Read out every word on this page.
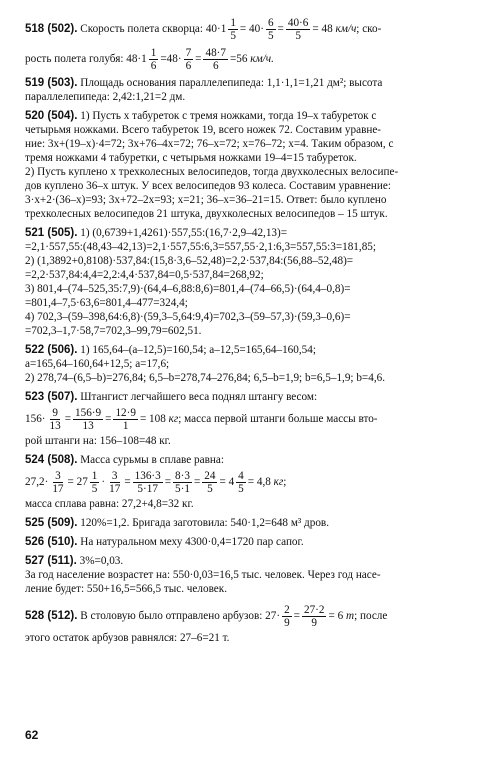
518 (502).
Скорость полета скворца:
$40\cdot 1 \frac{1}{5}$ =
$40\cdot \frac{6}{5} = \frac{40\cdot 6}{5} = 48$
км/ч ; ско-
рость полета голубя: $48\cdot 1 \frac{1}{6} =48\cdot \frac{7}{6} = \frac{48\cdot 7}{6} =56$
км/ч.
519 (503). Площадь основания параллелепипеда: 1,1·1,1=1,21 дм²; высота
параллелепипеда: 2,42:1,21=2 дм.
520 (504). 1) Пусть x табуреток с тремя ножками, тогда 19–x табуреток с
четырьмя ножками. Всего табуреток 19, всего ножек 72. Составим уравне-
ние: 3x+(19–x)·4=72; 3x+76–4x=72; 76–x=72; x=76–72; x=4. Таким образом, с
тремя ножками 4 табуретки, с четырьмя ножками 19–4=15 табуреток.
2) Пусть куплено x трехколесных велосипедов, тогда двухколесных велосипе-
дов куплено 36–x штук. У всех велосипедов 93 колеса. Составим уравнение:
3·x+2·(36–x)=93; 3x+72–2x=93; x=21; 36–x=36–21=15. Ответ: было куплено
трехколесных велосипедов 21 штука, двухколесных велосипедов – 15 штук.
521 (505). 1) (0,6739+1,4261)·557,55:(16,7·2,9–42,13)=
=2,1·557,55:(48,43–42,13)=2,1·557,55:6,3=557,55·2,1:6,3=557,55:3=181,85;
2) (1,3892+0,8108)·537,84:(15,8·3,6–52,48)=2,2·537,84:(56,88–52,48)=
=2,2·537,84:4,4=2,2:4,4·537,84=0,5·537,84=268,92;
3) 801,4–(74–525,35:7,9)·(64,4–6,88:8,6)=801,4–(74–66,5)·(64,4–0,8)=
=801,4–7,5·63,6=801,4–477=324,4;
4) 702,3–(59–398,64:6,8)·(59,3–5,64:9,4)=702,3–(59–57,3)·(59,3–0,6)=
=702,3–1,7·58,7=702,3–99,79=602,51.
522 (506). 1) 165,64–(a–12,5)=160,54; a–12,5=165,64–160,54;
a=165,64–160,64+12,5; a=17,6;
2) 278,74–(6,5–b)=276,84; 6,5–b=278,74–276,84; 6,5–b=1,9; b=6,5–1,9; b=4,6.
523 (507). Штангист легчайшего веса поднял штангу весом:
$156\cdot \frac{9}{13} = \frac{156\cdot 9}{13} = \frac{12\cdot 9}{1} = 108$
кг ; масса первой штанги больше массы вто-
рой штанги на: 156–108=48 кг.
524 (508). Масса сурьмы в сплаве равна:
$27,2\cdot \frac{3}{17} = 27 \frac{1}{5} \cdot \frac{3}{17} = \frac{136\cdot 3}{5\cdot 17} = \frac{8\cdot 3}{5\cdot 1} = \frac{24}{5} = 4 \frac{4}{5} = 4,8$
кг ;
масса сплава равна: 27,2+4,8=32 кг.
525 (509). 120%=1,2. Бригада заготовила: 540·1,2=648 м³ дров.
526 (510). На натуральном меху 4300·0,4=1720 пар сапог.
527 (511). 3%=0,03.
За год население возрастет на: 550·0,03=16,5 тыс. человек. Через год насе-
ление будет: 550+16,5=566,5 тыс. человек.
528 (512).
В столовую было отправлено арбузов: $27\cdot \frac{2}{9} = \frac{27\cdot 2}{9} = 6$
т ; после
этого остаток арбузов равнялся: 27–6=21 т.
62
